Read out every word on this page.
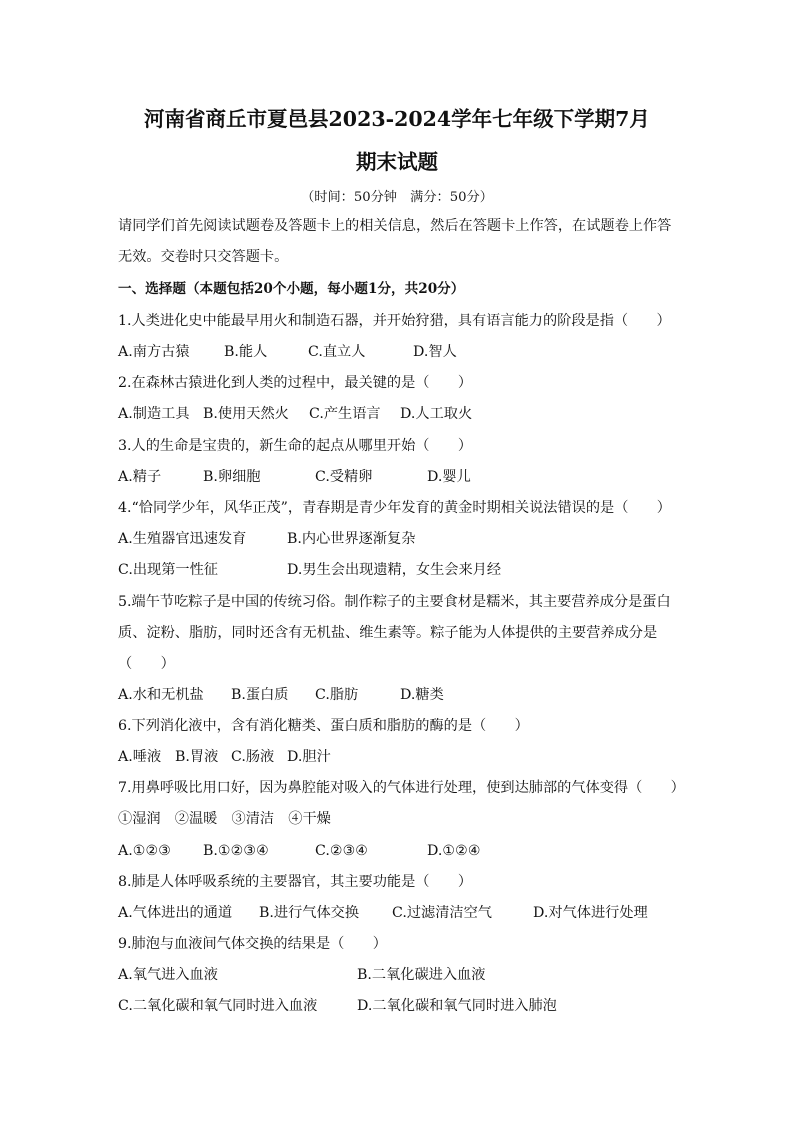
河南省商丘市夏邑县2023-2024学年七年级下学期7月
期末试题
（时间：50分钟　满分：50分）
请同学们首先阅读试题卷及答题卡上的相关信息，然后在答题卡上作答，在试题卷上作答
无效。交卷时只交答题卡。
一、选择题（本题包括20个小题，每小题1分，共20分）
1.人类进化史中能最早用火和制造石器，并开始狩猎，具有语言能力的阶段是指（　　）
A.南方古猿 B.能人	C.直立人	D.智人
2.在森林古猿进化到人类的过程中，最关键的是（　　）
A.制造工具 B.使用天然火 C.产生语言 D.人工取火
3.人的生命是宝贵的，新生命的起点从哪里开始（　　）
A.精子	B.卵细胞	C.受精卵	D.婴儿
4.“恰同学少年，风华正茂”，青春期是青少年发育的黄金时期相关说法错误的是（　　）
A.生殖器官迅速发育	B.内心世界逐渐复杂
C.出现第一性征	D.男生会出现遗精，女生会来月经
5.端午节吃粽子是中国的传统习俗。制作粽子的主要食材是糯米，其主要营养成分是蛋白
质、淀粉、脂肪，同时还含有无机盐、维生素等。粽子能为人体提供的主要营养成分是
（　　）
A.水和无机盐 B.蛋白质 C.脂肪	D.糖类
6.下列消化液中，含有消化糖类、蛋白质和脂肪的酶的是（　　）
A.唾液 B.胃液 C.肠液 D.胆汁
7.用鼻呼吸比用口好，因为鼻腔能对吸入的气体进行处理，使到达肺部的气体变得（　　）
①湿润　②温暖　③清洁　④干燥
A.①②③ B.①②③④	C.②③④	D.①②④
8.肺是人体呼吸系统的主要器官，其主要功能是（　　）
A.气体进出的通道 B.进行气体交换 C.过滤清洁空气	D.对气体进行处理
9.肺泡与血液间气体交换的结果是（　　）
A.氧气进入血液	B.二氧化碳进入血液
C.二氧化碳和氧气同时进入血液	D.二氧化碳和氧气同时进入肺泡
